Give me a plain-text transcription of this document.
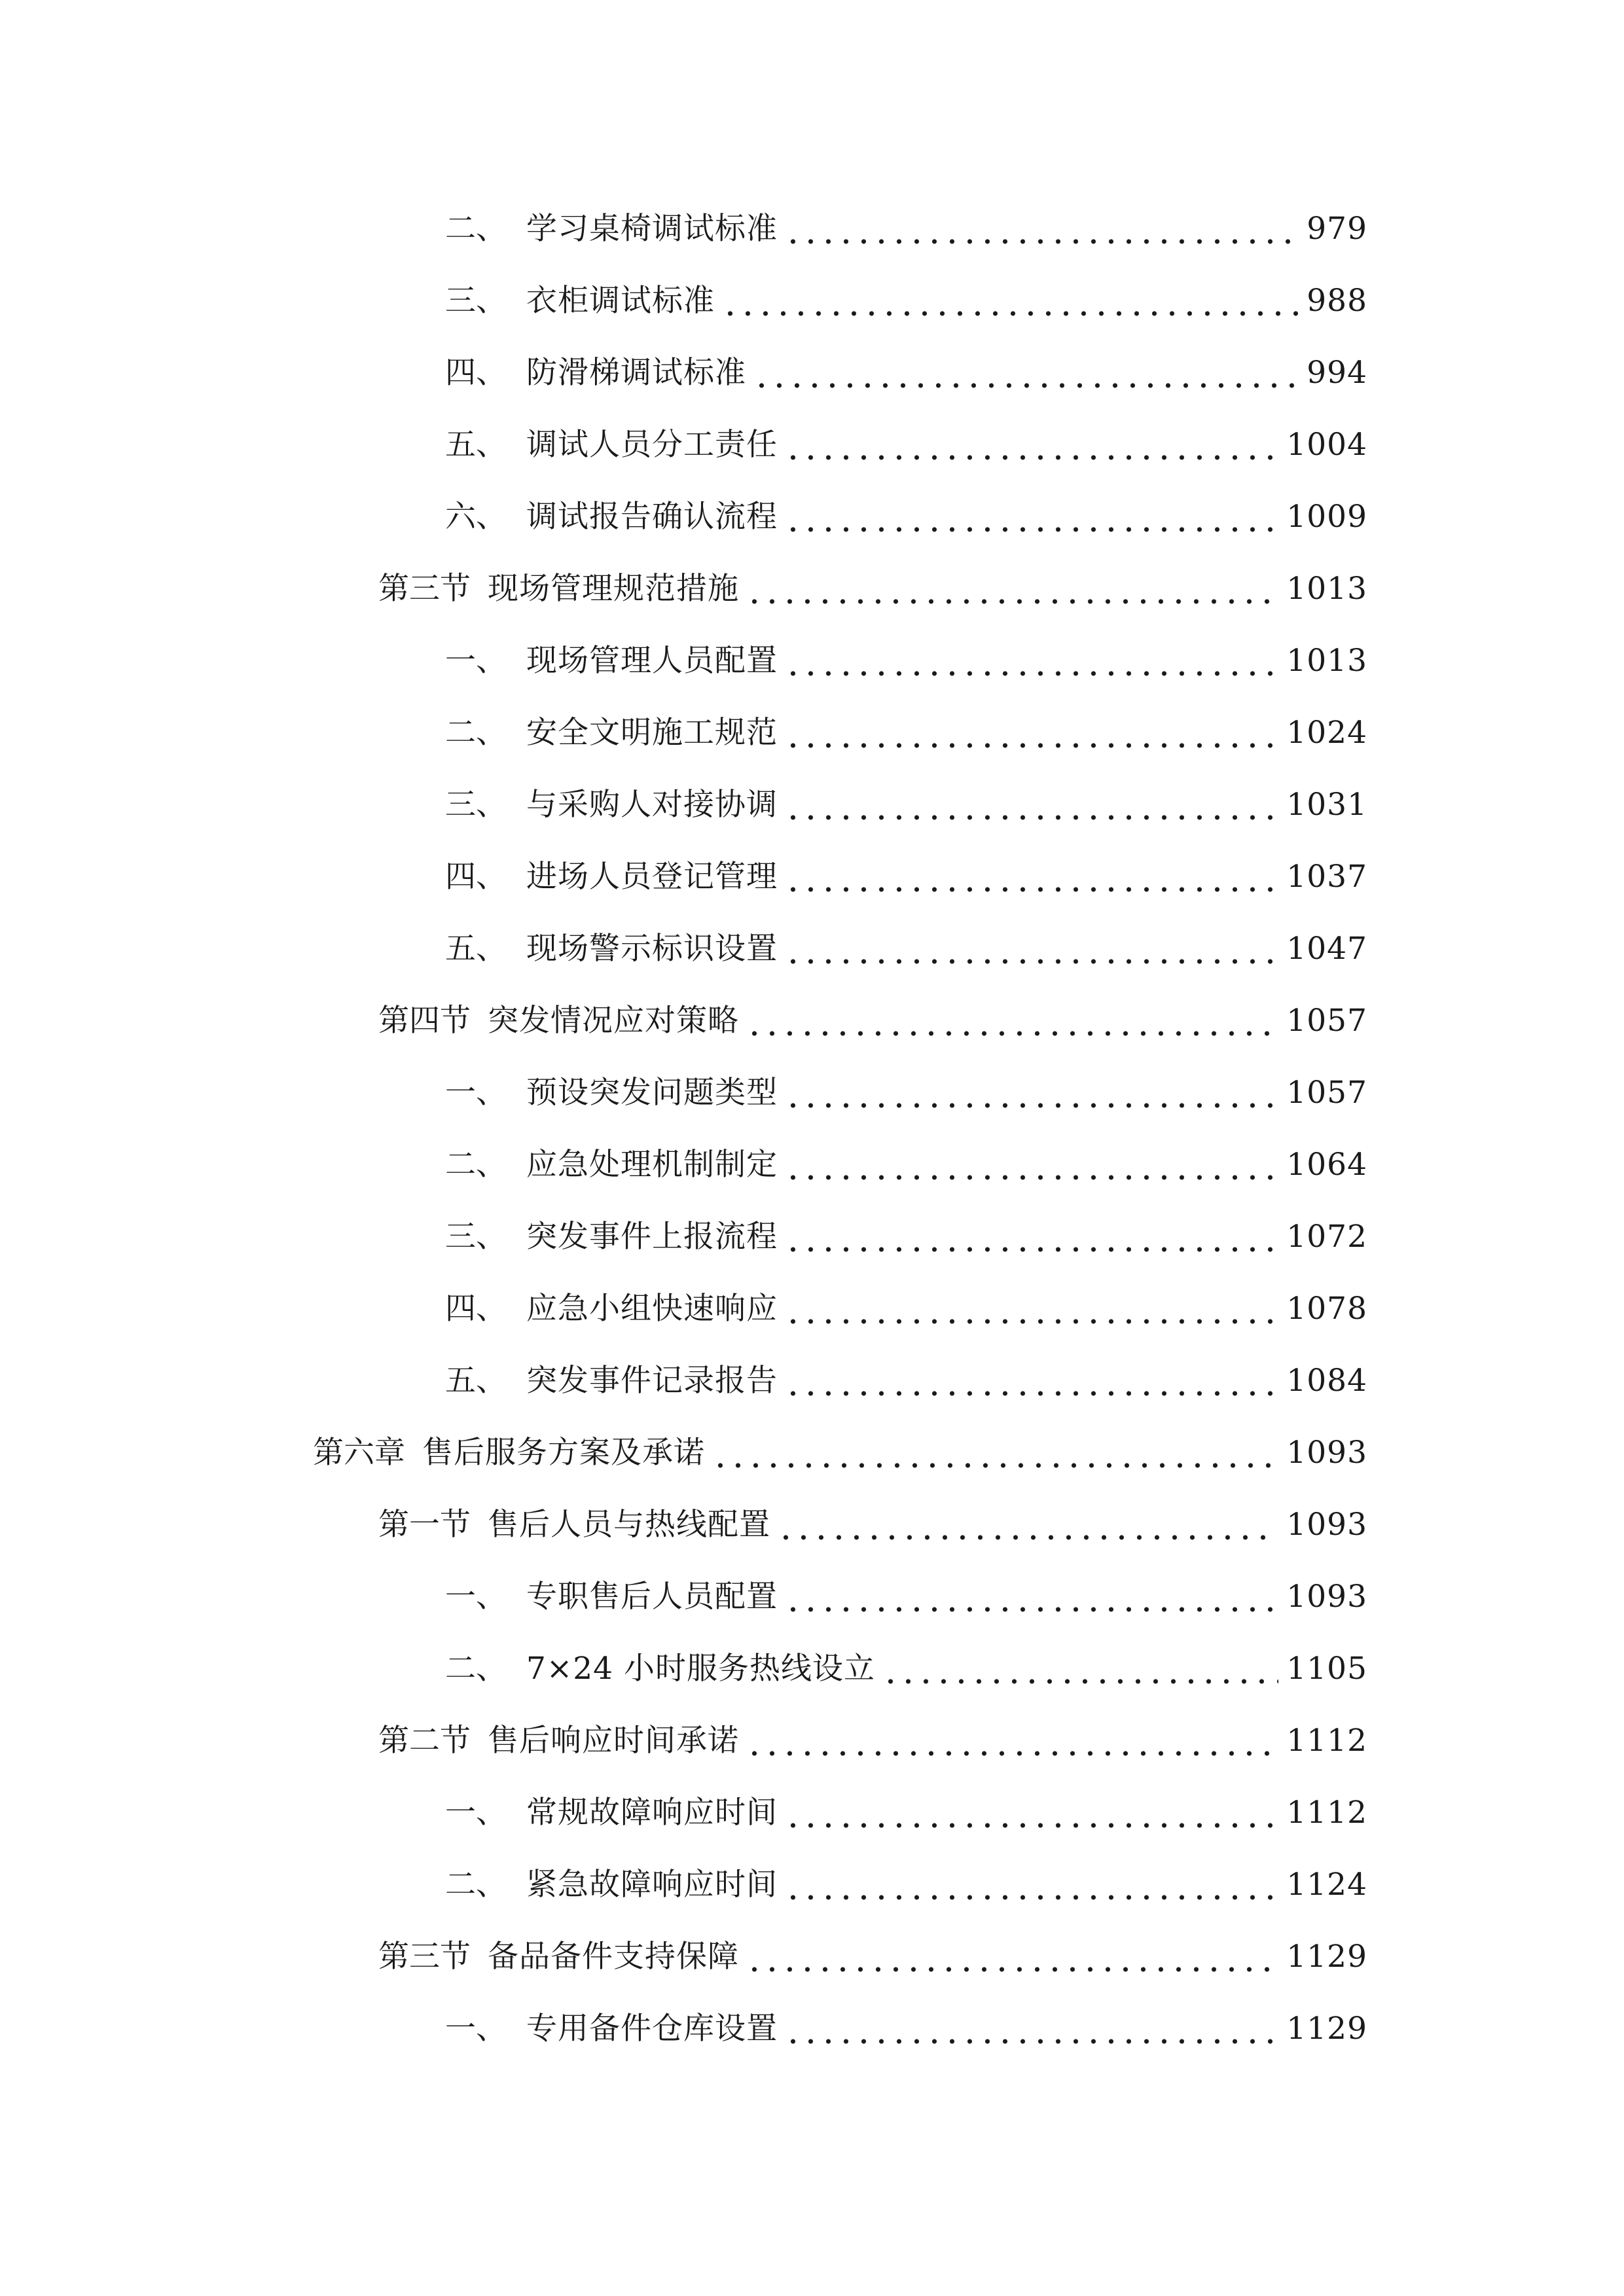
二、 学习桌椅调试标准	979
三、 衣柜调试标准	988
四、 防滑梯调试标准	994
五、 调试人员分工责任	1004
六、 调试报告确认流程	1009
第三节 现场管理规范措施	1013
一、 现场管理人员配置	1013
二、 安全文明施工规范	1024
三、 与采购人对接协调	1031
四、 进场人员登记管理	1037
五、 现场警示标识设置	1047
第四节 突发情况应对策略	1057
一、 预设突发问题类型	1057
二、 应急处理机制制定	1064
三、 突发事件上报流程	1072
四、 应急小组快速响应	1078
五、 突发事件记录报告	1084
第六章 售后服务方案及承诺	1093
第一节 售后人员与热线配置	1093
一、 专职售后人员配置	1093
二、 7×24 小时服务热线设立	1105
第二节 售后响应时间承诺	1112
一、 常规故障响应时间	1112
二、 紧急故障响应时间	1124
第三节 备品备件支持保障	1129
一、 专用备件仓库设置	1129
